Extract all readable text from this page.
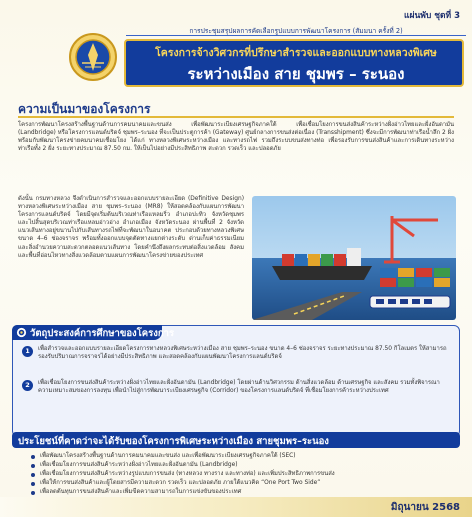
แผ่นพับ ชุดที่ 3
การประชุมสรุปผลการคัดเลือกรูปแบบการพัฒนาโครงการ (สัมมนา ครั้งที่ 2)
โครงการจ้างวิศวกรที่ปรึกษาสำรวจและออกแบบทางหลวงพิเศษ
ระหว่างเมือง สาย ชุมพร – ระนอง
ความเป็นมาของโครงการ
โครงการพัฒนาโครงสร้างพื้นฐานด้านการคมนาคมและขนส่ง เพื่อพัฒนาระเบียงเศรษฐกิจภาคใต้ เพื่อเชื่อมโยงการขนส่งสินค้าระหว่างฝั่งอ่าวไทยและฝั่งอันดามัน (Landbridge) หรือโครงการแลนด์บริดจ์ ชุมพร–ระนอง ที่จะเป็นประตูการค้า (Gateway) ศูนย์กลางการขนส่งต่อเนื่อง (Transshipment) ซึ่งจะมีการพัฒนาท่าเรือน้ำลึก 2 ฝั่ง พร้อมกับพัฒนาโครงข่ายคมนาคมเชื่อมโยง ได้แก่ ทางหลวงพิเศษระหว่างเมือง และทางรถไฟ รวมถึงระบบขนส่งทางท่อ เพื่อรองรับการขนส่งสินค้าและการเดินทางระหว่างท่าเรือทั้ง 2 ฝั่ง ระยะทางประมาณ 87.50 กม. ให้เป็นไปอย่างมีประสิทธิภาพ สะดวก รวดเร็ว และปลอดภัย
ดังนั้น กรมทางหลวง จึงดำเนินการสำรวจและออกแบบรายละเอียด (Definitive Design) ทางหลวงพิเศษระหว่างเมือง สาย ชุมพร–ระนอง (MR8) ให้สอดคล้องกับแผนการพัฒนาโครงการแลนด์บริดจ์ โดยมีจุดเริ่มต้นบริเวณท่าเรือแหลมริ่ว อำเภอปะทิว จังหวัดชุมพร และไปสิ้นสุดบริเวณท่าเรือแหลมอ่าวอ่าง อำเภอเมือง จังหวัดระนอง ผ่านพื้นที่ 2 จังหวัด แนวเส้นทางอยู่ขนานไปกับเส้นทางรถไฟที่จะพัฒนาในอนาคต ประกอบด้วยทางหลวงพิเศษขนาด 4–6 ช่องจราจร พร้อมทั้งออกแบบจุดตัดทางแยกต่างระดับ ด่านเก็บค่าธรรมเนียม และสิ่งอำนวยความสะดวกตลอดแนวเส้นทาง โดยคำนึงถึงผลกระทบต่อสิ่งแวดล้อม สังคม และพื้นที่อ่อนไหวทางสิ่งแวดล้อมตามแผนการพัฒนาโครงข่ายของประเทศ
วัตถุประสงค์การศึกษาของโครงการ
1	เพื่อสำรวจและออกแบบรายละเอียดโครงการทางหลวงพิเศษระหว่างเมือง สาย ชุมพร–ระนอง ขนาด 4–6 ช่องจราจร ระยะทางประมาณ 87.50 กิโลเมตร ให้สามารถรองรับปริมาณการจราจรได้อย่างมีประสิทธิภาพ และสอดคล้องกับแผนพัฒนาโครงการแลนด์บริดจ์
2	เพื่อเชื่อมโยงการขนส่งสินค้าระหว่างฝั่งอ่าวไทยและฝั่งอันดามัน (Landbridge) โดยผ่านด้านวิศวกรรม ด้านสิ่งแวดล้อม ด้านเศรษฐกิจ และสังคม รวมทั้งพิจารณาความเหมาะสมของการลงทุน เพื่อนำไปสู่การพัฒนาระเบียงเศรษฐกิจ (Corridor) ของโครงการแลนด์บริดจ์ ที่เชื่อมโยงการค้าระหว่างประเทศ
ประโยชน์ที่คาดว่าจะได้รับของโครงการพิเศษระหว่างเมือง สายชุมพร–ระนอง
เพื่อพัฒนาโครงสร้างพื้นฐานด้านการคมนาคมและขนส่ง และเพื่อพัฒนาระเบียงเศรษฐกิจภาคใต้ (SEC)
เพื่อเชื่อมโยงการขนส่งสินค้าระหว่างฝั่งอ่าวไทยและฝั่งอันดามัน (Landbridge)
เพื่อเชื่อมโยงการขนส่งสินค้าระหว่างรูปแบบการขนส่ง (ทางหลวง ทางราง และทางท่อ) และเพิ่มประสิทธิภาพการขนส่ง
เพื่อให้การขนส่งสินค้าและผู้โดยสารมีความสะดวก รวดเร็ว และปลอดภัย ภายใต้แนวคิด “One Port Two Side”
เพื่อลดต้นทุนการขนส่งสินค้าและเพิ่มขีดความสามารถในการแข่งขันของประเทศ
มิถุนายน 2568
